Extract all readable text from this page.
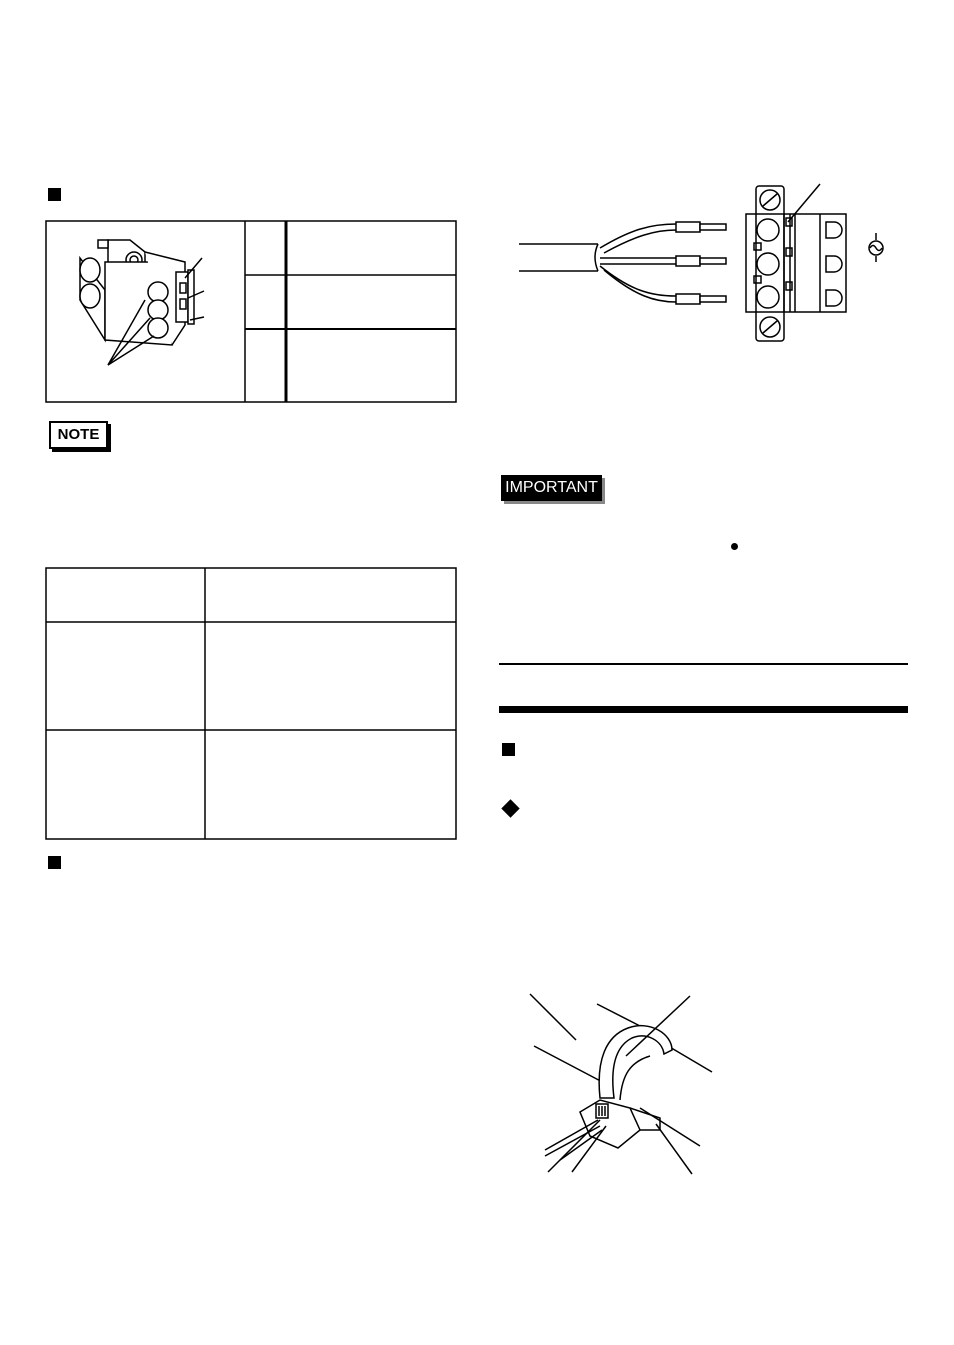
NOTE
IMPORTANT
